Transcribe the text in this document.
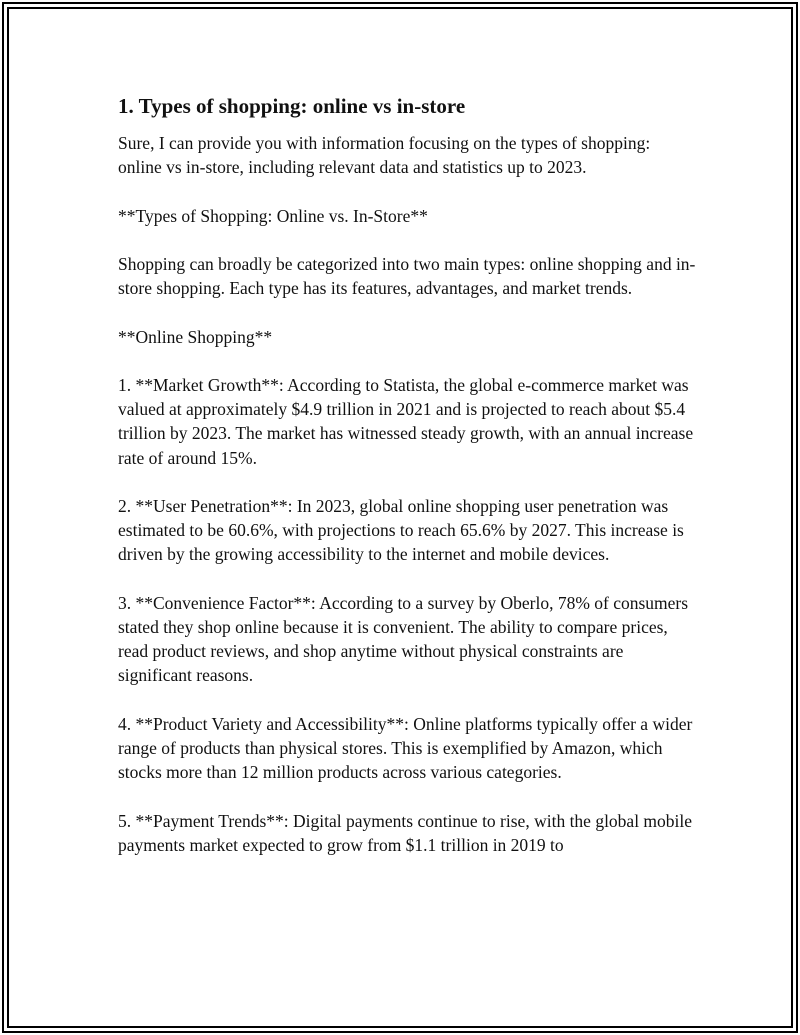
1. Types of shopping: online vs in-store

Sure, I can provide you with information focusing on the types of shopping: online vs in-store, including relevant data and statistics up to 2023.

**Types of Shopping: Online vs. In-Store**

Shopping can broadly be categorized into two main types: online shopping and in-store shopping. Each type has its features, advantages, and market trends.

**Online Shopping**

1. **Market Growth**: According to Statista, the global e-commerce market was valued at approximately $4.9 trillion in 2021 and is projected to reach about $5.4 trillion by 2023. The market has witnessed steady growth, with an annual increase rate of around 15%.

2. **User Penetration**: In 2023, global online shopping user penetration was estimated to be 60.6%, with projections to reach 65.6% by 2027. This increase is driven by the growing accessibility to the internet and mobile devices.

3. **Convenience Factor**: According to a survey by Oberlo, 78% of consumers stated they shop online because it is convenient. The ability to compare prices, read product reviews, and shop anytime without physical constraints are significant reasons.

4. **Product Variety and Accessibility**: Online platforms typically offer a wider range of products than physical stores. This is exemplified by Amazon, which stocks more than 12 million products across various categories.

5. **Payment Trends**: Digital payments continue to rise, with the global mobile payments market expected to grow from $1.1 trillion in 2019 to
